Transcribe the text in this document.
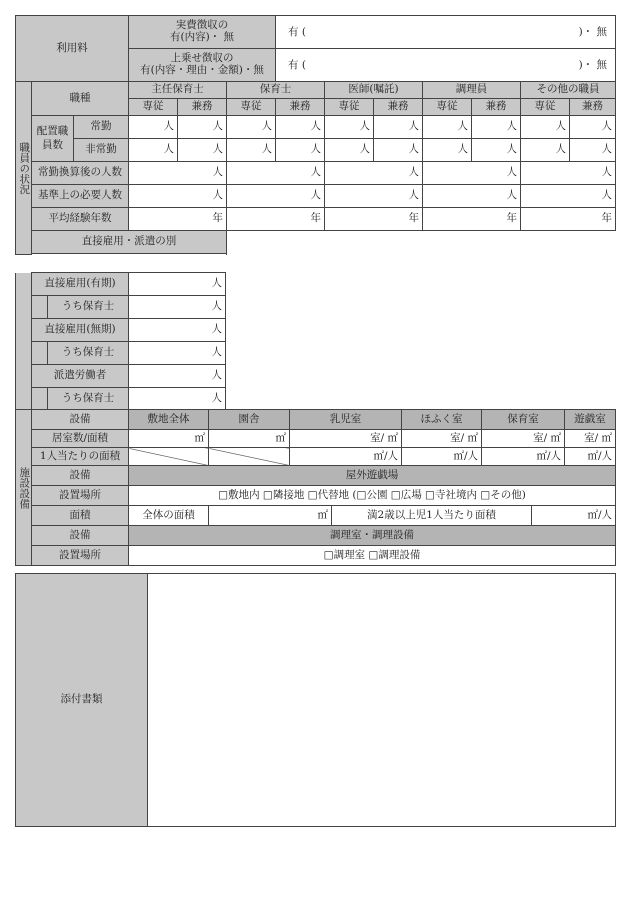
利用料	実費徴収の
有(内容)・ 無	有 ( )・ 無

	上乗せ徴収の
有(内容・理由・金額)・無	有 ( )・ 無
職員の状況	職種		主任保育士		保育士		医師(嘱託)		調理員		その他の職員	
			専従	兼務	専従	兼務	専従	兼務	専従	兼務	専従	兼務
	配置職員数	常勤	人	人	人	人	人	人	人	人	人	人
		非常勤	人	人	人	人	人	人	人	人	人	人
	常勤換算後の人数		人		人		人		人		人	
	基準上の必要人数		人		人		人		人		人	
	平均経験年数		年		年		年		年		年	
	直接雇用・派遣の別											

	直接雇用(有期)		人
		うち保育士	人
	直接雇用(無期)		人
		うち保育士	人
	派遣労働者		人
		うち保育士	人
施設設備	設備	敷地全体	園舎	乳児室		ほふく室	保育室		遊戯室
	居室数/面積	㎡	㎡	室/ ㎡		室/ ㎡	室/ ㎡		室/ ㎡
	1人当たりの面積			㎡/人		㎡/人	㎡/人		㎡/人
	設備	屋外遊戯場							
	設置場所	□敷地内 □隣接地 □代替地 (□公園 □広場 □寺社境内 □その他)							
	面積	全体の面積	㎡		満2歳以上児1人当たり面積			㎡/人	
	設備	調理室・調理設備							
	設置場所	□調理室 □調理設備							
添付書類	
